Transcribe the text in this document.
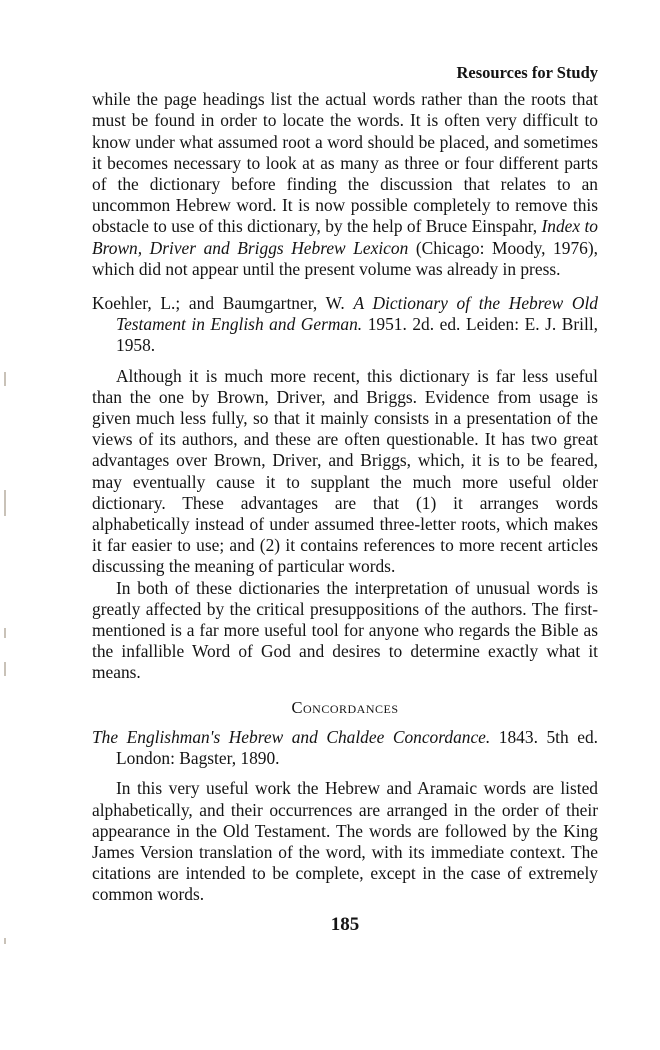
Resources for Study

while the page headings list the actual words rather than the roots that must be found in order to locate the words. It is often very difficult to know under what assumed root a word should be placed, and sometimes it becomes necessary to look at as many as three or four different parts of the dictionary before finding the discussion that relates to an uncommon Hebrew word. It is now possible completely to remove this obstacle to use of this dictionary, by the help of Bruce Einspahr, Index to Brown, Driver and Briggs Hebrew Lexicon (Chicago: Moody, 1976), which did not appear until the present volume was already in press.

Koehler, L.; and Baumgartner, W. A Dictionary of the Hebrew Old Testament in English and German. 1951. 2d. ed. Leiden: E. J. Brill, 1958.

Although it is much more recent, this dictionary is far less useful than the one by Brown, Driver, and Briggs. Evidence from usage is given much less fully, so that it mainly consists in a presentation of the views of its authors, and these are often questionable. It has two great advantages over Brown, Driver, and Briggs, which, it is to be feared, may eventually cause it to supplant the much more useful older dictionary. These advantages are that (1) it arranges words alphabetically instead of under assumed three-letter roots, which makes it far easier to use; and (2) it contains references to more recent articles discussing the meaning of particular words.

In both of these dictionaries the interpretation of unusual words is greatly affected by the critical presuppositions of the authors. The first-mentioned is a far more useful tool for anyone who regards the Bible as the infallible Word of God and desires to determine exactly what it means.

Concordances

The Englishman's Hebrew and Chaldee Concordance. 1843. 5th ed. London: Bagster, 1890.

In this very useful work the Hebrew and Aramaic words are listed alphabetically, and their occurrences are arranged in the order of their appearance in the Old Testament. The words are followed by the King James Version translation of the word, with its immediate context. The citations are intended to be complete, except in the case of extremely common words.

185
